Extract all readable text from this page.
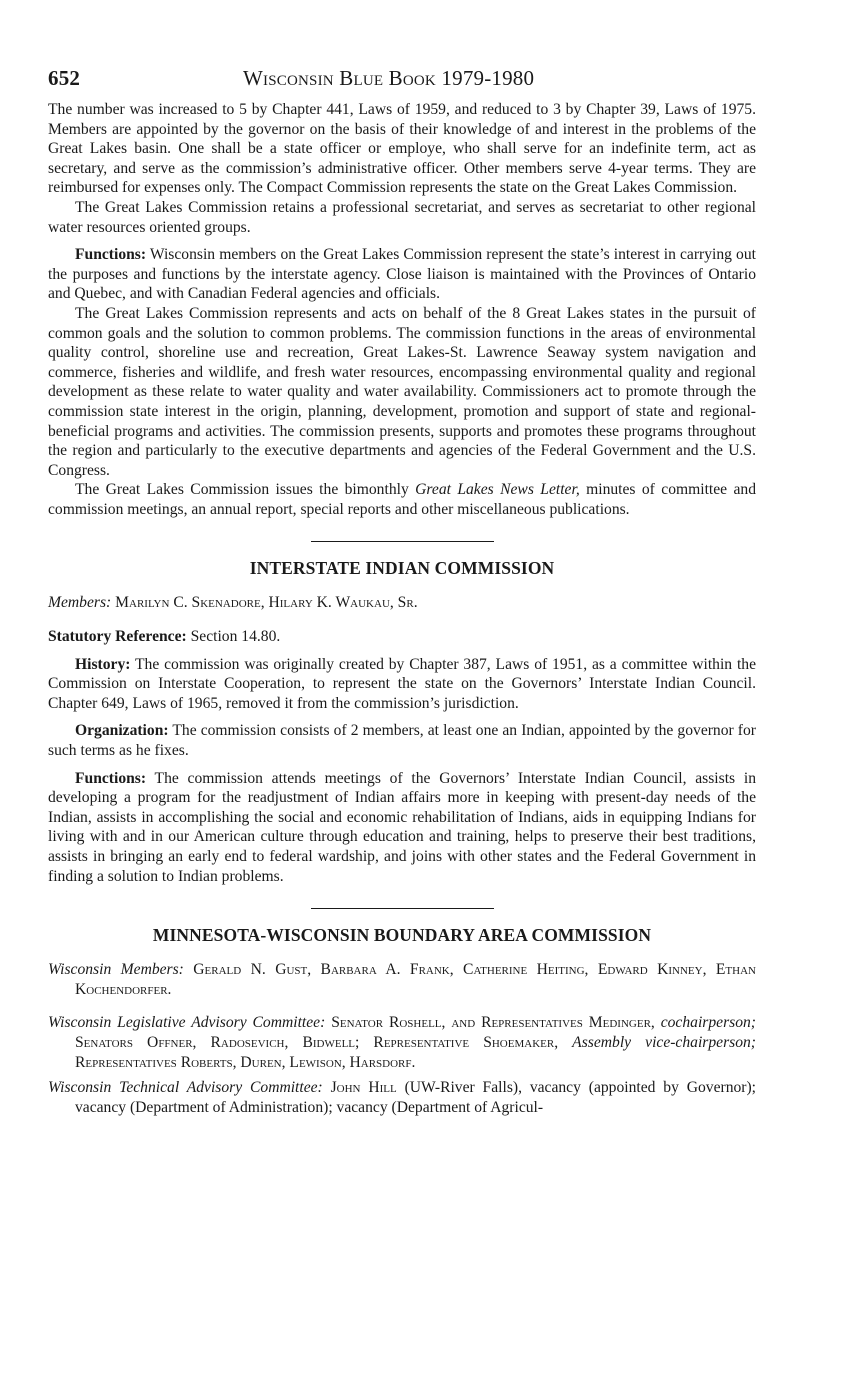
652	Wisconsin Blue Book 1979-1980

The number was increased to 5 by Chapter 441, Laws of 1959, and reduced to 3 by Chapter 39, Laws of 1975. Members are appointed by the governor on the basis of their knowledge of and interest in the problems of the Great Lakes basin. One shall be a state officer or employe, who shall serve for an indefinite term, act as secretary, and serve as the commission’s administrative officer. Other members serve 4-year terms. They are reimbursed for expenses only. The Compact Commission represents the state on the Great Lakes Commission.

The Great Lakes Commission retains a professional secretariat, and serves as secretariat to other regional water resources oriented groups.

Functions: Wisconsin members on the Great Lakes Commission represent the state’s interest in carrying out the purposes and functions by the interstate agency. Close liaison is maintained with the Provinces of Ontario and Quebec, and with Canadian Federal agencies and officials.

The Great Lakes Commission represents and acts on behalf of the 8 Great Lakes states in the pursuit of common goals and the solution to common problems. The commission functions in the areas of environmental quality control, shoreline use and recreation, Great Lakes-St. Lawrence Seaway system navigation and commerce, fisheries and wildlife, and fresh water resources, encompassing environmental quality and regional development as these relate to water quality and water availability. Commissioners act to promote through the commission state interest in the origin, planning, development, promotion and support of state and regional-beneficial programs and activities. The commission presents, supports and promotes these programs throughout the region and particularly to the executive departments and agencies of the Federal Government and the U.S. Congress.

The Great Lakes Commission issues the bimonthly Great Lakes News Letter, minutes of committee and commission meetings, an annual report, special reports and other miscellaneous publications.

INTERSTATE INDIAN COMMISSION

Members: Marilyn C. Skenadore, Hilary K. Waukau, Sr.

Statutory Reference: Section 14.80.

History: The commission was originally created by Chapter 387, Laws of 1951, as a committee within the Commission on Interstate Cooperation, to represent the state on the Governors’ Interstate Indian Council. Chapter 649, Laws of 1965, removed it from the commission’s jurisdiction.

Organization: The commission consists of 2 members, at least one an Indian, appointed by the governor for such terms as he fixes.

Functions: The commission attends meetings of the Governors’ Interstate Indian Council, assists in developing a program for the readjustment of Indian affairs more in keeping with present-day needs of the Indian, assists in accomplishing the social and economic rehabilitation of Indians, aids in equipping Indians for living with and in our American culture through education and training, helps to preserve their best traditions, assists in bringing an early end to federal wardship, and joins with other states and the Federal Government in finding a solution to Indian problems.

MINNESOTA-WISCONSIN BOUNDARY AREA COMMISSION

Wisconsin Members: Gerald N. Gust, Barbara A. Frank, Catherine Heiting, Edward Kinney, Ethan Kochendorfer.

Wisconsin Legislative Advisory Committee: Senator Roshell, and Representatives Medinger, cochairperson; Senators Offner, Radosevich, Bidwell; Representative Shoemaker, Assembly vice-chairperson; Representatives Roberts, Duren, Lewison, Harsdorf.

Wisconsin Technical Advisory Committee: John Hill (UW-River Falls), vacancy (appointed by Governor); vacancy (Department of Administration); vacancy (Department of Agricul-
